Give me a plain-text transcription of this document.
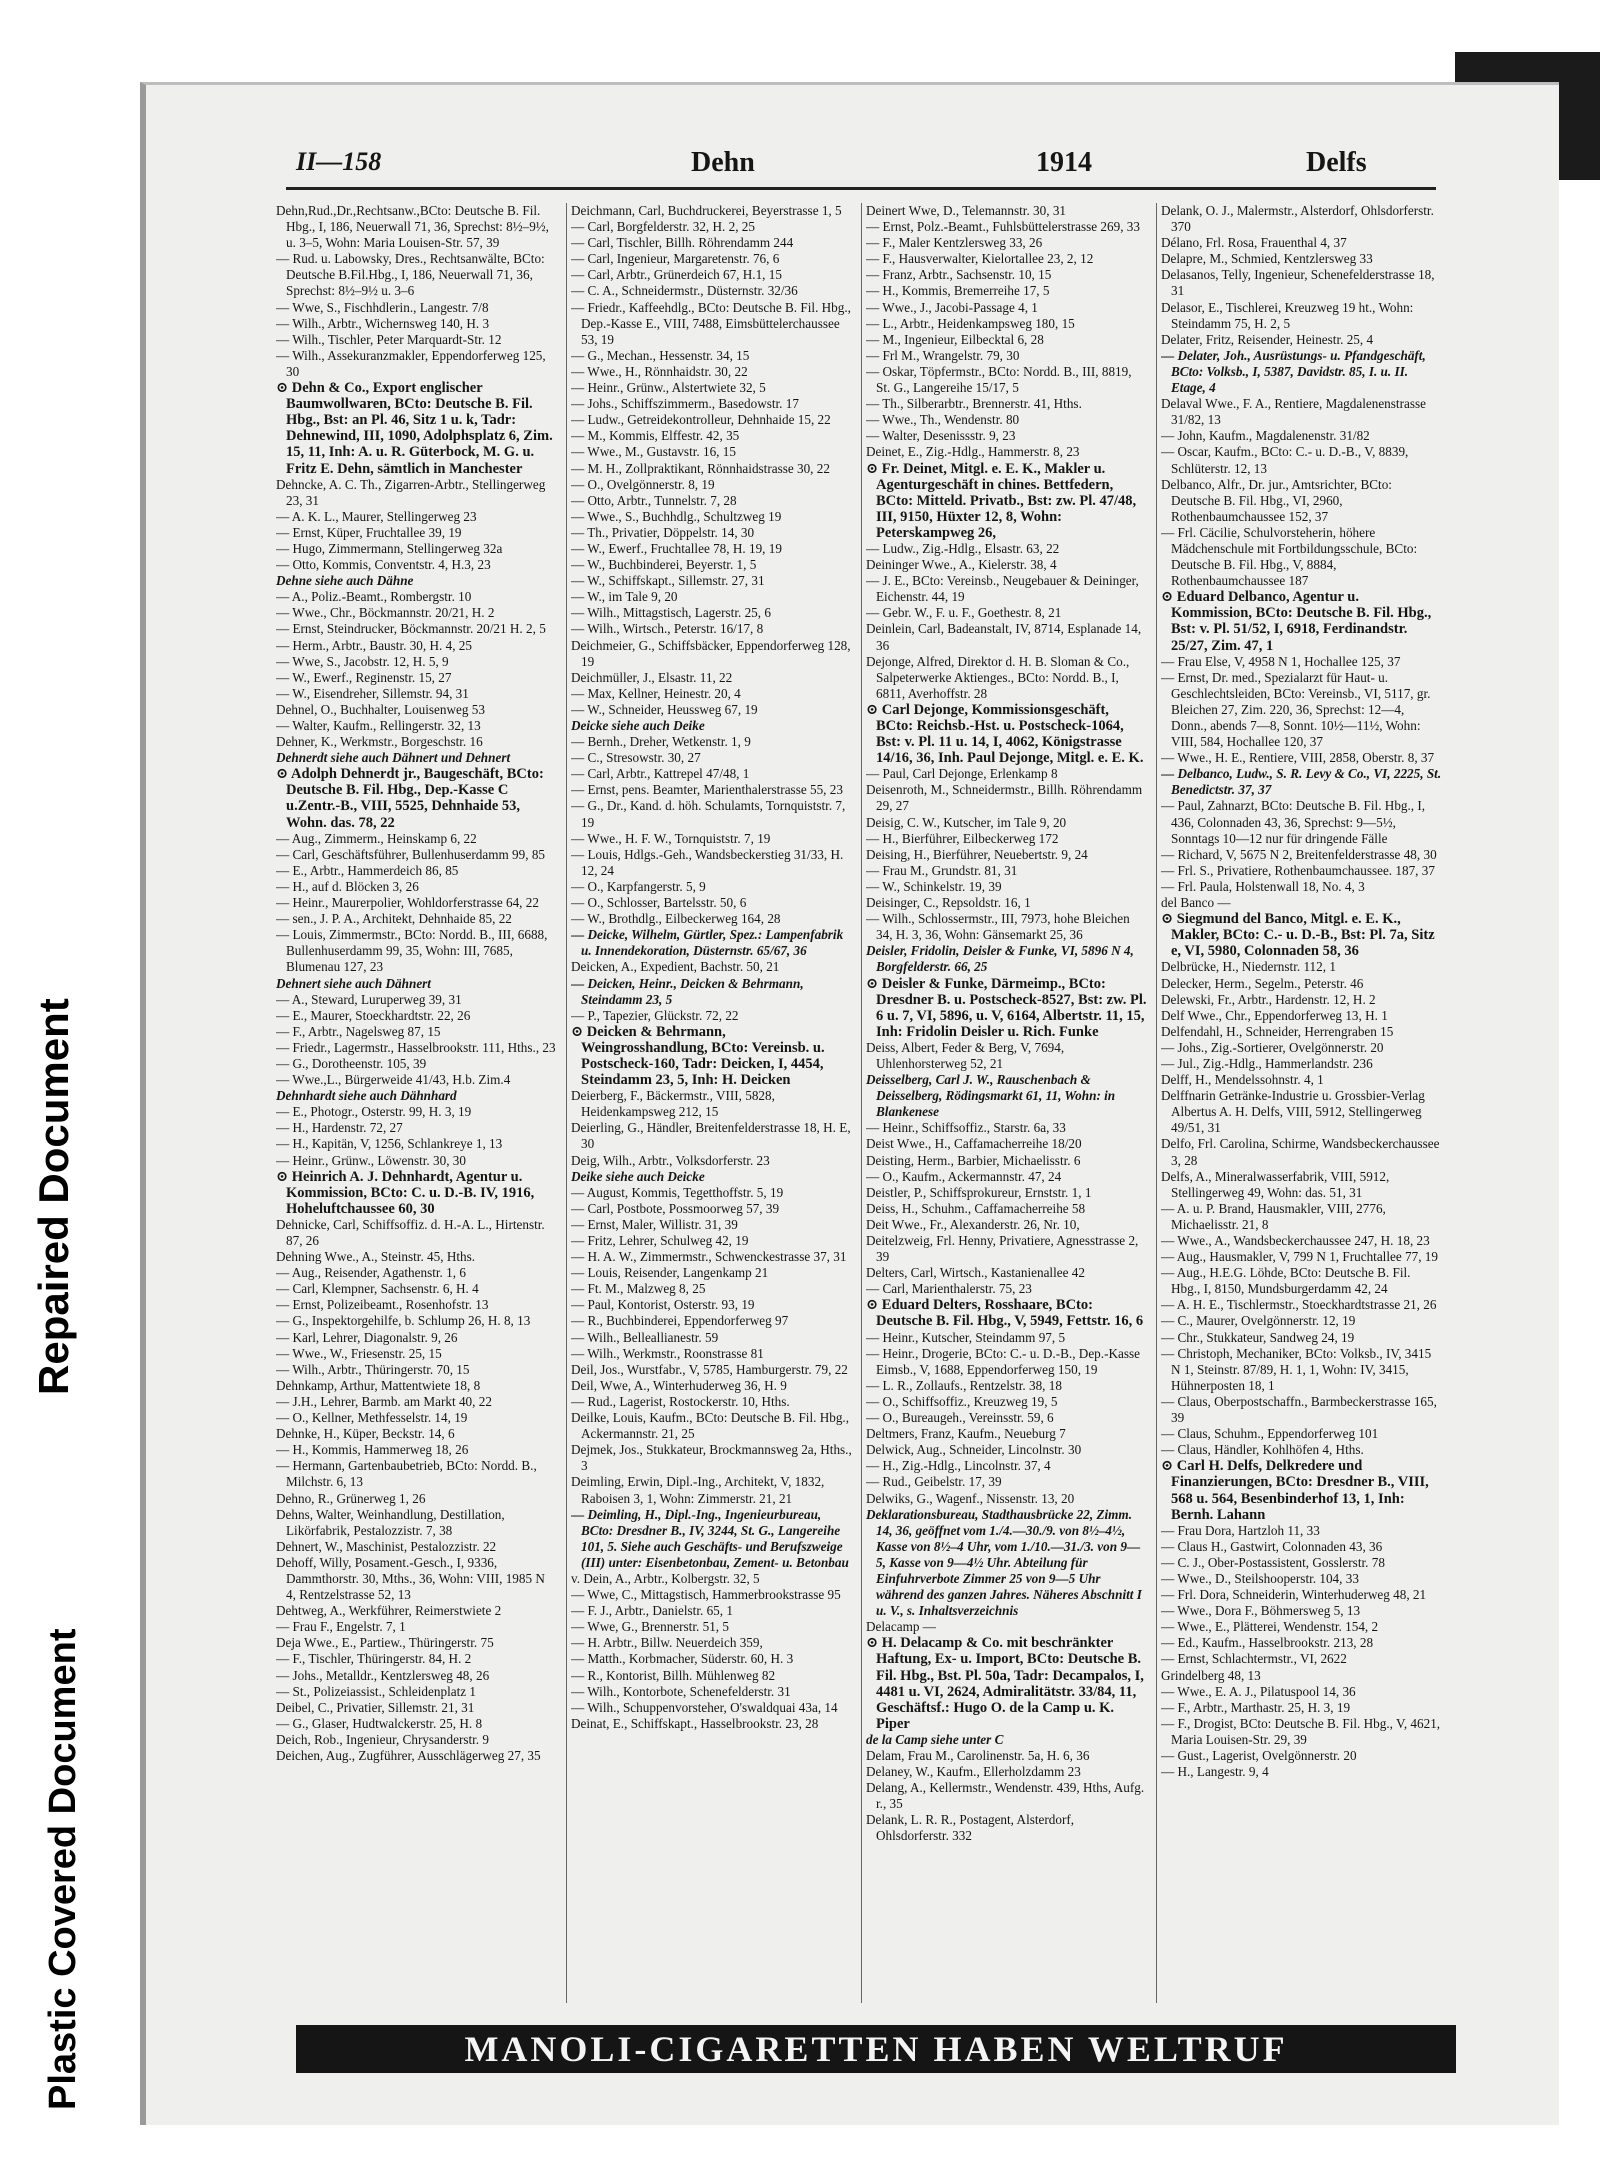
Repaired Document
Plastic Covered Document
II—158	Dehn	1914	Delfs

Dehn,Rud.,Dr.,Rechtsanw.,BCto: Deutsche B. Fil. Hbg., I, 186, Neuerwall 71, 36, Sprechst: 8½–9½, u. 3–5, Wohn: Maria Louisen-Str. 57, 39

— Rud. u. Labowsky, Dres., Rechtsanwälte, BCto: Deutsche B.Fil.Hbg., I, 186, Neuerwall 71, 36, Sprechst: 8½–9½ u. 3–6

— Wwe, S., Fischhdlerin., Langestr. 7/8

— Wilh., Arbtr., Wichernsweg 140, H. 3

— Wilh., Tischler, Peter Marquardt-Str. 12

— Wilh., Assekuranzmakler, Eppendorferweg 125, 30

⊙ Dehn & Co., Export englischer Baumwollwaren, BCto: Deutsche B. Fil. Hbg., Bst: an Pl. 46, Sitz 1 u. k, Tadr: Dehnewind, III, 1090, Adolphsplatz 6, Zim. 15, 11, Inh: A. u. R. Güterbock, M. G. u. Fritz E. Dehn, sämtlich in Manchester

Dehncke, A. C. Th., Zigarren-Arbtr., Stellingerweg 23, 31

— A. K. L., Maurer, Stellingerweg 23

— Ernst, Küper, Fruchtallee 39, 19

— Hugo, Zimmermann, Stellingerweg 32a

— Otto, Kommis, Conventstr. 4, H.3, 23

Dehne siehe auch Dähne

— A., Poliz.-Beamt., Rombergstr. 10

— Wwe., Chr., Böckmannstr. 20/21, H. 2

— Ernst, Steindrucker, Böckmannstr. 20/21 H. 2, 5

— Herm., Arbtr., Baustr. 30, H. 4, 25

— Wwe, S., Jacobstr. 12, H. 5, 9

— W., Ewerf., Reginenstr. 15, 27

— W., Eisendreher, Sillemstr. 94, 31

Dehnel, O., Buchhalter, Louisenweg 53

— Walter, Kaufm., Rellingerstr. 32, 13

Dehner, K., Werkmstr., Borgeschstr. 16

Dehnerdt siehe auch Dähnert und Dehnert

⊙ Adolph Dehnerdt jr., Baugeschäft, BCto: Deutsche B. Fil. Hbg., Dep.-Kasse C u.Zentr.-B., VIII, 5525, Dehnhaide 53, Wohn. das. 78, 22

— Aug., Zimmerm., Heinskamp 6, 22

— Carl, Geschäftsführer, Bullenhuserdamm 99, 85

— E., Arbtr., Hammerdeich 86, 85

— H., auf d. Blöcken 3, 26

— Heinr., Maurerpolier, Wohldorferstrasse 64, 22

— sen., J. P. A., Architekt, Dehnhaide 85, 22

— Louis, Zimmermstr., BCto: Nordd. B., III, 6688, Bullenhuserdamm 99, 35, Wohn: III, 7685, Blumenau 127, 23

Dehnert siehe auch Dähnert

— A., Steward, Luruperweg 39, 31

— E., Maurer, Stoeckhardtstr. 22, 26

— F., Arbtr., Nagelsweg 87, 15

— Friedr., Lagermstr., Hasselbrookstr. 111, Hths., 23

— G., Dorotheenstr. 105, 39

— Wwe.,L., Bürgerweide 41/43, H.b. Zim.4

Dehnhardt siehe auch Dähnhard

— E., Photogr., Osterstr. 99, H. 3, 19

— H., Hardenstr. 72, 27

— H., Kapitän, V, 1256, Schlankreye 1, 13

— Heinr., Grünw., Löwenstr. 30, 30

⊙ Heinrich A. J. Dehnhardt, Agentur u. Kommission, BCto: C. u. D.-B. IV, 1916, Hoheluftchaussee 60, 30

Dehnicke, Carl, Schiffsoffiz. d. H.-A. L., Hirtenstr. 87, 26

Dehning Wwe., A., Steinstr. 45, Hths.

— Aug., Reisender, Agathenstr. 1, 6

— Carl, Klempner, Sachsenstr. 6, H. 4

— Ernst, Polizeibeamt., Rosenhofstr. 13

— G., Inspektorgehilfe, b. Schlump 26, H. 8, 13

— Karl, Lehrer, Diagonalstr. 9, 26

— Wwe., W., Friesenstr. 25, 15

— Wilh., Arbtr., Thüringerstr. 70, 15

Dehnkamp, Arthur, Mattentwiete 18, 8

— J.H., Lehrer, Barmb. am Markt 40, 22

— O., Kellner, Methfesselstr. 14, 19

Dehnke, H., Küper, Beckstr. 14, 6

— H., Kommis, Hammerweg 18, 26

— Hermann, Gartenbaubetrieb, BCto: Nordd. B., Milchstr. 6, 13

Dehno, R., Grünerweg 1, 26

Dehns, Walter, Weinhandlung, Destillation, Likörfabrik, Pestalozzistr. 7, 38

Dehnert, W., Maschinist, Pestalozzistr. 22

Dehoff, Willy, Posament.-Gesch., I, 9336, Dammthorstr. 30, Mths., 36, Wohn: VIII, 1985 N 4, Rentzelstrasse 52, 13

Dehtweg, A., Werkführer, Reimerstwiete 2

— Frau F., Engelstr. 7, 1

Deja Wwe., E., Partiew., Thüringerstr. 75

— F., Tischler, Thüringerstr. 84, H. 2

— Johs., Metalldr., Kentzlersweg 48, 26

— St., Polizeiassist., Schleidenplatz 1

Deibel, C., Privatier, Sillemstr. 21, 31

— G., Glaser, Hudtwalckerstr. 25, H. 8

Deich, Rob., Ingenieur, Chrysanderstr. 9

Deichen, Aug., Zugführer, Ausschlägerweg 27, 35

Deichmann, Carl, Buchdruckerei, Beyerstrasse 1, 5

— Carl, Borgfelderstr. 32, H. 2, 25

— Carl, Tischler, Billh. Röhrendamm 244

— Carl, Ingenieur, Margaretenstr. 76, 6

— Carl, Arbtr., Grünerdeich 67, H.1, 15

— C. A., Schneidermstr., Düsternstr. 32/36

— Friedr., Kaffeehdlg., BCto: Deutsche B. Fil. Hbg., Dep.-Kasse E., VIII, 7488, Eimsbüttelerchaussee 53, 19

— G., Mechan., Hessenstr. 34, 15

— Wwe., H., Rönnhaidstr. 30, 22

— Heinr., Grünw., Alstertwiete 32, 5

— Johs., Schiffszimmerm., Basedowstr. 17

— Ludw., Getreidekontrolleur, Dehnhaide 15, 22

— M., Kommis, Elffestr. 42, 35

— Wwe., M., Gustavstr. 16, 15

— M. H., Zollpraktikant, Rönnhaidstrasse 30, 22

— O., Ovelgönnerstr. 8, 19

— Otto, Arbtr., Tunnelstr. 7, 28

— Wwe., S., Buchhdlg., Schultzweg 19

— Th., Privatier, Döppelstr. 14, 30

— W., Ewerf., Fruchtallee 78, H. 19, 19

— W., Buchbinderei, Beyerstr. 1, 5

— W., Schiffskapt., Sillemstr. 27, 31

— W., im Tale 9, 20

— Wilh., Mittagstisch, Lagerstr. 25, 6

— Wilh., Wirtsch., Peterstr. 16/17, 8

Deichmeier, G., Schiffsbäcker, Eppendorferweg 128, 19

Deichmüller, J., Elsastr. 11, 22

— Max, Kellner, Heinestr. 20, 4

— W., Schneider, Heussweg 67, 19

Deicke siehe auch Deike

— Bernh., Dreher, Wetkenstr. 1, 9

— C., Stresowstr. 30, 27

— Carl, Arbtr., Kattrepel 47/48, 1

— Ernst, pens. Beamter, Marienthalerstrasse 55, 23

— G., Dr., Kand. d. höh. Schulamts, Tornquiststr. 7, 19

— Wwe., H. F. W., Tornquiststr. 7, 19

— Louis, Hdlgs.-Geh., Wandsbeckerstieg 31/33, H. 12, 24

— O., Karpfangerstr. 5, 9

— O., Schlosser, Bartelsstr. 50, 6

— W., Brothdlg., Eilbeckerweg 164, 28

— Deicke, Wilhelm, Gürtler, Spez.: Lampenfabrik u. Innendekoration, Düsternstr. 65/67, 36

Deicken, A., Expedient, Bachstr. 50, 21

— Deicken, Heinr., Deicken & Behrmann, Steindamm 23, 5

— P., Tapezier, Glückstr. 72, 22

⊙ Deicken & Behrmann, Weingrosshandlung, BCto: Vereinsb. u. Postscheck-160, Tadr: Deicken, I, 4454, Steindamm 23, 5, Inh: H. Deicken

Deierberg, F., Bäckermstr., VIII, 5828, Heidenkampsweg 212, 15

Deierling, G., Händler, Breitenfelderstrasse 18, H. E, 30

Deig, Wilh., Arbtr., Volksdorferstr. 23

Deike siehe auch Deicke

— August, Kommis, Tegetthoffstr. 5, 19

— Carl, Postbote, Possmoorweg 57, 39

— Ernst, Maler, Willistr. 31, 39

— Fritz, Lehrer, Schulweg 42, 19

— H. A. W., Zimmermstr., Schwenckestrasse 37, 31

— Louis, Reisender, Langenkamp 21

— Ft. M., Malzweg 8, 25

— Paul, Kontorist, Osterstr. 93, 19

— R., Buchbinderei, Eppendorferweg 97

— Wilh., Belleallianestr. 59

— Wilh., Werkmstr., Roonstrasse 81

Deil, Jos., Wurstfabr., V, 5785, Hamburgerstr. 79, 22

Deil, Wwe, A., Winterhuderweg 36, H. 9

— Rud., Lagerist, Rostockerstr. 10, Hths.

Deilke, Louis, Kaufm., BCto: Deutsche B. Fil. Hbg., Ackermannstr. 21, 25

Dejmek, Jos., Stukkateur, Brockmannsweg 2a, Hths., 3

Deimling, Erwin, Dipl.-Ing., Architekt, V, 1832, Raboisen 3, 1, Wohn: Zimmerstr. 21, 21

— Deimling, H., Dipl.-Ing., Ingenieurbureau, BCto: Dresdner B., IV, 3244, St. G., Langereihe 101, 5. Siehe auch Geschäfts- und Berufszweige (III) unter: Eisenbetonbau, Zement- u. Betonbau

v. Dein, A., Arbtr., Kolbergstr. 32, 5

— Wwe, C., Mittagstisch, Hammerbrookstrasse 95

— F. J., Arbtr., Danielstr. 65, 1

— Wwe, G., Brennerstr. 51, 5

— H. Arbtr., Billw. Neuerdeich 359,

— Matth., Korbmacher, Süderstr. 60, H. 3

— R., Kontorist, Billh. Mühlenweg 82

— Wilh., Kontorbote, Schenefelderstr. 31

— Wilh., Schuppenvorsteher, O'swaldquai 43a, 14

Deinat, E., Schiffskapt., Hasselbrookstr. 23, 28

Deinert Wwe, D., Telemannstr. 30, 31

— Ernst, Polz.-Beamt., Fuhlsbüttelerstrasse 269, 33

— F., Maler Kentzlersweg 33, 26

— F., Hausverwalter, Kielortallee 23, 2, 12

— Franz, Arbtr., Sachsenstr. 10, 15

— H., Kommis, Bremerreihe 17, 5

— Wwe., J., Jacobi-Passage 4, 1

— L., Arbtr., Heidenkampsweg 180, 15

— M., Ingenieur, Eilbecktal 6, 28

— Frl M., Wrangelstr. 79, 30

— Oskar, Töpfermstr., BCto: Nordd. B., III, 8819, St. G., Langereihe 15/17, 5

— Th., Silberarbtr., Brennerstr. 41, Hths.

— Wwe., Th., Wendenstr. 80

— Walter, Desenissstr. 9, 23

Deinet, E., Zig.-Hdlg., Hammerstr. 8, 23

⊙ Fr. Deinet, Mitgl. e. E. K., Makler u. Agenturgeschäft in chines. Bettfedern, BCto: Mitteld. Privatb., Bst: zw. Pl. 47/48, III, 9150, Hüxter 12, 8, Wohn: Peterskampweg 26,

— Ludw., Zig.-Hdlg., Elsastr. 63, 22

Deininger Wwe., A., Kielerstr. 38, 4

— J. E., BCto: Vereinsb., Neugebauer & Deininger, Eichenstr. 44, 19

— Gebr. W., F. u. F., Goethestr. 8, 21

Deinlein, Carl, Badeanstalt, IV, 8714, Esplanade 14, 36

Dejonge, Alfred, Direktor d. H. B. Sloman & Co., Salpeterwerke Aktienges., BCto: Nordd. B., I, 6811, Averhoffstr. 28

⊙ Carl Dejonge, Kommissionsgeschäft, BCto: Reichsb.-Hst. u. Postscheck-1064, Bst: v. Pl. 11 u. 14, I, 4062, Königstrasse 14/16, 36, Inh. Paul Dejonge, Mitgl. e. E. K.

— Paul, Carl Dejonge, Erlenkamp 8

Deisenroth, M., Schneidermstr., Billh. Röhrendamm 29, 27

Deisig, C. W., Kutscher, im Tale 9, 20

— H., Bierführer, Eilbeckerweg 172

Deising, H., Bierführer, Neuebertstr. 9, 24

— Frau M., Grundstr. 81, 31

— W., Schinkelstr. 19, 39

Deisinger, C., Repsoldstr. 16, 1

— Wilh., Schlossermstr., III, 7973, hohe Bleichen 34, H. 3, 36, Wohn: Gänsemarkt 25, 36

Deisler, Fridolin, Deisler & Funke, VI, 5896 N 4, Borgfelderstr. 66, 25

⊙ Deisler & Funke, Därmeimp., BCto: Dresdner B. u. Postscheck-8527, Bst: zw. Pl. 6 u. 7, VI, 5896, u. V, 6164, Albertstr. 11, 15, Inh: Fridolin Deisler u. Rich. Funke

Deiss, Albert, Feder & Berg, V, 7694, Uhlenhorsterweg 52, 21

Deisselberg, Carl J. W., Rauschenbach & Deisselberg, Rödingsmarkt 61, 11, Wohn: in Blankenese

— Heinr., Schiffsoffiz., Starstr. 6a, 33

Deist Wwe., H., Caffamacherreihe 18/20

Deisting, Herm., Barbier, Michaelisstr. 6

— O., Kaufm., Ackermannstr. 47, 24

Deistler, P., Schiffsprokureur, Ernststr. 1, 1

Deiss, H., Schuhm., Caffamacherreihe 58

Deit Wwe., Fr., Alexanderstr. 26, Nr. 10,

Deitelzweig, Frl. Henny, Privatiere, Agnesstrasse 2, 39

Delters, Carl, Wirtsch., Kastanienallee 42

— Carl, Marienthalerstr. 75, 23

⊙ Eduard Delters, Rosshaare, BCto: Deutsche B. Fil. Hbg., V, 5949, Fettstr. 16, 6

— Heinr., Kutscher, Steindamm 97, 5

— Heinr., Drogerie, BCto: C.- u. D.-B., Dep.-Kasse Eimsb., V, 1688, Eppendorferweg 150, 19

— L. R., Zollaufs., Rentzelstr. 38, 18

— O., Schiffsoffiz., Kreuzweg 19, 5

— O., Bureaugeh., Vereinsstr. 59, 6

Deltmers, Franz, Kaufm., Neueburg 7

Delwick, Aug., Schneider, Lincolnstr. 30

— H., Zig.-Hdlg., Lincolnstr. 37, 4

— Rud., Geibelstr. 17, 39

Delwiks, G., Wagenf., Nissenstr. 13, 20

Deklarationsbureau, Stadthausbrücke 22, Zimm. 14, 36, geöffnet vom 1./4.—30./9. von 8½–4½, Kasse von 8½–4 Uhr, vom 1./10.—31./3. von 9—5, Kasse von 9—4½ Uhr. Abteilung für Einfuhrverbote Zimmer 25 von 9—5 Uhr während des ganzen Jahres. Näheres Abschnitt I u. V., s. Inhaltsverzeichnis

Delacamp —

⊙ H. Delacamp & Co. mit beschränkter Haftung, Ex- u. Import, BCto: Deutsche B. Fil. Hbg., Bst. Pl. 50a, Tadr: Decampalos, I, 4481 u. VI, 2624, Admiralitätstr. 33/84, 11, Geschäftsf.: Hugo O. de la Camp u. K. Piper

de la Camp siehe unter C

Delam, Frau M., Carolinenstr. 5a, H. 6, 36

Delaney, W., Kaufm., Ellerholzdamm 23

Delang, A., Kellermstr., Wendenstr. 439, Hths, Aufg. r., 35

Delank, L. R. R., Postagent, Alsterdorf, Ohlsdorferstr. 332

Delank, O. J., Malermstr., Alsterdorf, Ohlsdorferstr. 370

Délano, Frl. Rosa, Frauenthal 4, 37

Delapre, M., Schmied, Kentzlersweg 33

Delasanos, Telly, Ingenieur, Schenefelderstrasse 18, 31

Delasor, E., Tischlerei, Kreuzweg 19 ht., Wohn: Steindamm 75, H. 2, 5

Delater, Fritz, Reisender, Heinestr. 25, 4

— Delater, Joh., Ausrüstungs- u. Pfandgeschäft, BCto: Volksb., I, 5387, Davidstr. 85, I. u. II. Etage, 4

Delaval Wwe., F. A., Rentiere, Magdalenenstrasse 31/82, 13

— John, Kaufm., Magdalenenstr. 31/82

— Oscar, Kaufm., BCto: C.- u. D.-B., V, 8839, Schlüterstr. 12, 13

Delbanco, Alfr., Dr. jur., Amtsrichter, BCto: Deutsche B. Fil. Hbg., VI, 2960, Rothenbaumchaussee 152, 37

— Frl. Cäcilie, Schulvorsteherin, höhere Mädchenschule mit Fortbildungsschule, BCto: Deutsche B. Fil. Hbg., V, 8884, Rothenbaumchaussee 187

⊙ Eduard Delbanco, Agentur u. Kommission, BCto: Deutsche B. Fil. Hbg., Bst: v. Pl. 51/52, I, 6918, Ferdinandstr. 25/27, Zim. 47, 1

— Frau Else, V, 4958 N 1, Hochallee 125, 37

— Ernst, Dr. med., Spezialarzt für Haut- u. Geschlechtsleiden, BCto: Vereinsb., VI, 5117, gr. Bleichen 27, Zim. 220, 36, Sprechst: 12—4, Donn., abends 7—8, Sonnt. 10½—11½, Wohn: VIII, 584, Hochallee 120, 37

— Wwe., H. E., Rentiere, VIII, 2858, Oberstr. 8, 37

— Delbanco, Ludw., S. R. Levy & Co., VI, 2225, St. Benedictstr. 37, 37

— Paul, Zahnarzt, BCto: Deutsche B. Fil. Hbg., I, 436, Colonnaden 43, 36, Sprechst: 9—5½, Sonntags 10—12 nur für dringende Fälle

— Richard, V, 5675 N 2, Breitenfelderstrasse 48, 30

— Frl. S., Privatiere, Rothenbaumchaussee. 187, 37

— Frl. Paula, Holstenwall 18, No. 4, 3

del Banco —

⊙ Siegmund del Banco, Mitgl. e. E. K., Makler, BCto: C.- u. D.-B., Bst: Pl. 7a, Sitz e, VI, 5980, Colonnaden 58, 36

Delbrücke, H., Niedernstr. 112, 1

Delecker, Herm., Segelm., Peterstr. 46

Delewski, Fr., Arbtr., Hardenstr. 12, H. 2

Delf Wwe., Chr., Eppendorferweg 13, H. 1

Delfendahl, H., Schneider, Herrengraben 15

— Johs., Zig.-Sortierer, Ovelgönnerstr. 20

— Jul., Zig.-Hdlg., Hammerlandstr. 236

Delff, H., Mendelssohnstr. 4, 1

Delffnarin Getränke-Industrie u. Grossbier-Verlag Albertus A. H. Delfs, VIII, 5912, Stellingerweg 49/51, 31

Delfo, Frl. Carolina, Schirme, Wandsbeckerchaussee 3, 28

Delfs, A., Mineralwasserfabrik, VIII, 5912, Stellingerweg 49, Wohn: das. 51, 31

— A. u. P. Brand, Hausmakler, VIII, 2776, Michaelisstr. 21, 8

— Wwe., A., Wandsbeckerchaussee 247, H. 18, 23

— Aug., Hausmakler, V, 799 N 1, Fruchtallee 77, 19

— Aug., H.E.G. Löhde, BCto: Deutsche B. Fil. Hbg., I, 8150, Mundsburgerdamm 42, 24

— A. H. E., Tischlermstr., Stoeckhardtstrasse 21, 26

— C., Maurer, Ovelgönnerstr. 12, 19

— Chr., Stukkateur, Sandweg 24, 19

— Christoph, Mechaniker, BCto: Volksb., IV, 3415 N 1, Steinstr. 87/89, H. 1, 1, Wohn: IV, 3415, Hühnerposten 18, 1

— Claus, Oberpostschaffn., Barmbeckerstrasse 165, 39

— Claus, Schuhm., Eppendorferweg 101

— Claus, Händler, Kohlhöfen 4, Hths.

⊙ Carl H. Delfs, Delkredere und Finanzierungen, BCto: Dresdner B., VIII, 568 u. 564, Besenbinderhof 13, 1, Inh: Bernh. Lahann

— Frau Dora, Hartzloh 11, 33

— Claus H., Gastwirt, Colonnaden 43, 36

— C. J., Ober-Postassistent, Gosslerstr. 78

— Wwe., D., Steilshooperstr. 104, 33

— Frl. Dora, Schneiderin, Winterhuderweg 48, 21

— Wwe., Dora F., Böhmersweg 5, 13

— Wwe., E., Plätterei, Wendenstr. 154, 2

— Ed., Kaufm., Hasselbrookstr. 213, 28

— Ernst, Schlachtermstr., VI, 2622

Grindelberg 48, 13

— Wwe., E. A. J., Pilatuspool 14, 36

— F., Arbtr., Marthastr. 25, H. 3, 19

— F., Drogist, BCto: Deutsche B. Fil. Hbg., V, 4621, Maria Louisen-Str. 29, 39

— Gust., Lagerist, Ovelgönnerstr. 20

— H., Langestr. 9, 4

MANOLI-CIGARETTEN HABEN WELTRUF
